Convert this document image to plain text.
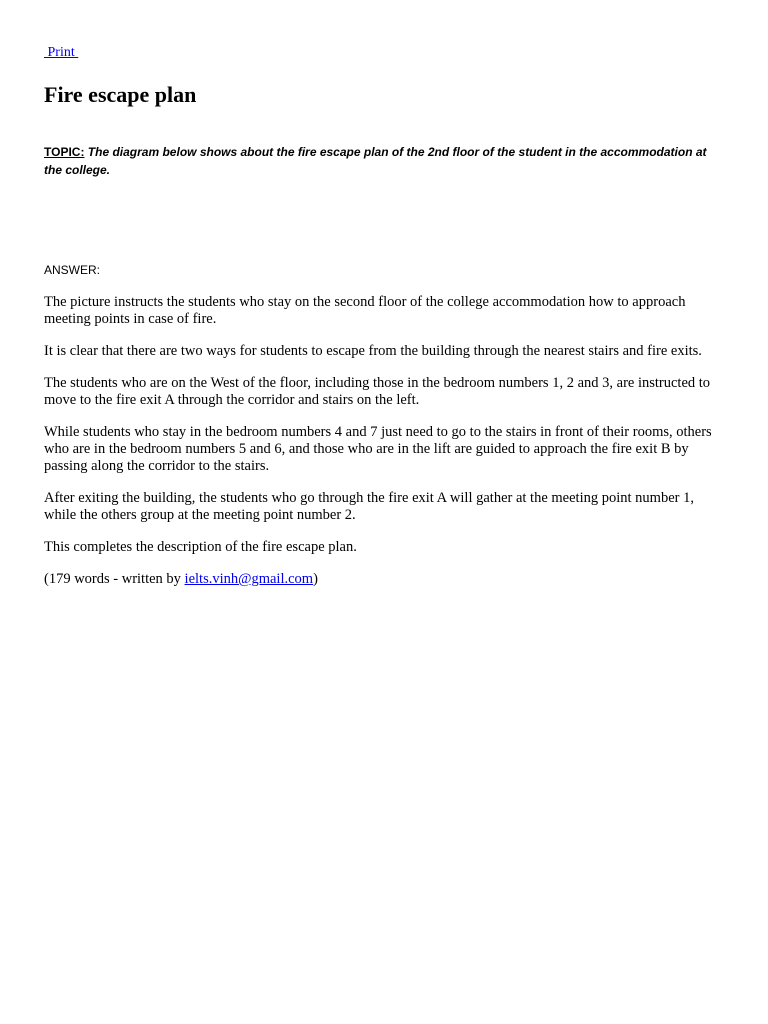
Print
Fire escape plan

TOPIC: The diagram below shows about the fire escape plan of the 2nd floor of the student in the accommodation at the college.

ANSWER:

The picture instructs the students who stay on the second floor of the college accommodation how to approach meeting points in case of fire.

It is clear that there are two ways for students to escape from the building through the nearest stairs and fire exits.

The students who are on the West of the floor, including those in the bedroom numbers 1, 2 and 3, are instructed to move to the fire exit A through the corridor and stairs on the left.

While students who stay in the bedroom numbers 4 and 7 just need to go to the stairs in front of their rooms, others who are in the bedroom numbers 5 and 6, and those who are in the lift are guided to approach the fire exit B by passing along the corridor to the stairs.

After exiting the building, the students who go through the fire exit A will gather at the meeting point number 1, while the others group at the meeting point number 2.

This completes the description of the fire escape plan.

(179 words - written by ielts.vinh@gmail.com)
